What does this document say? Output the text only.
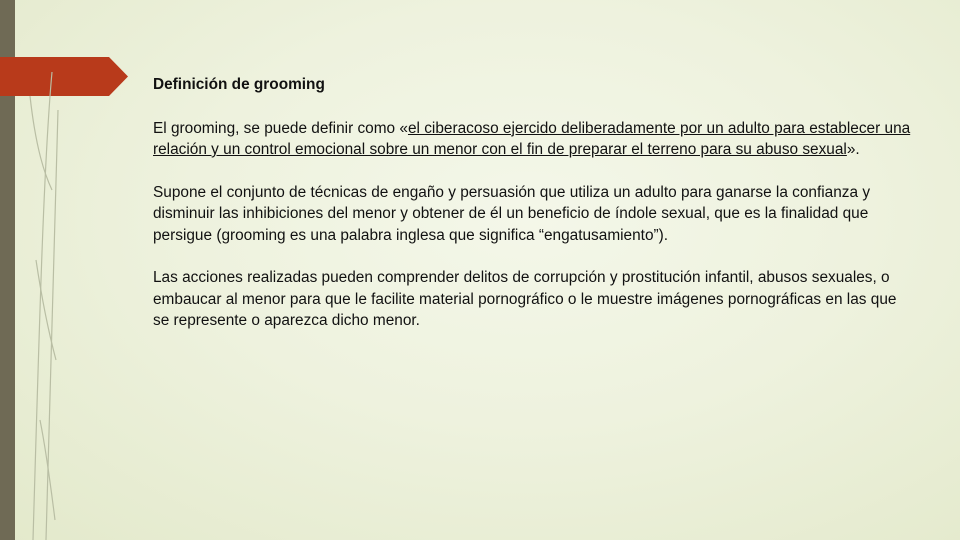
Definición de grooming
El grooming, se puede definir como «el ciberacoso ejercido deliberadamente por un adulto para establecer una relación y un control emocional sobre un menor con el fin de preparar el terreno para su abuso sexual».
Supone el conjunto de técnicas de engaño y persuasión que utiliza un adulto para ganarse la confianza y disminuir las inhibiciones del menor y obtener de él un beneficio de índole sexual, que es la finalidad que persigue (grooming es una palabra inglesa que significa “engatusamiento”).
Las acciones realizadas pueden comprender delitos de corrupción y prostitución infantil, abusos sexuales, o embaucar al menor para que le facilite material pornográfico o le muestre imágenes pornográficas en las que se represente o aparezca dicho menor.
